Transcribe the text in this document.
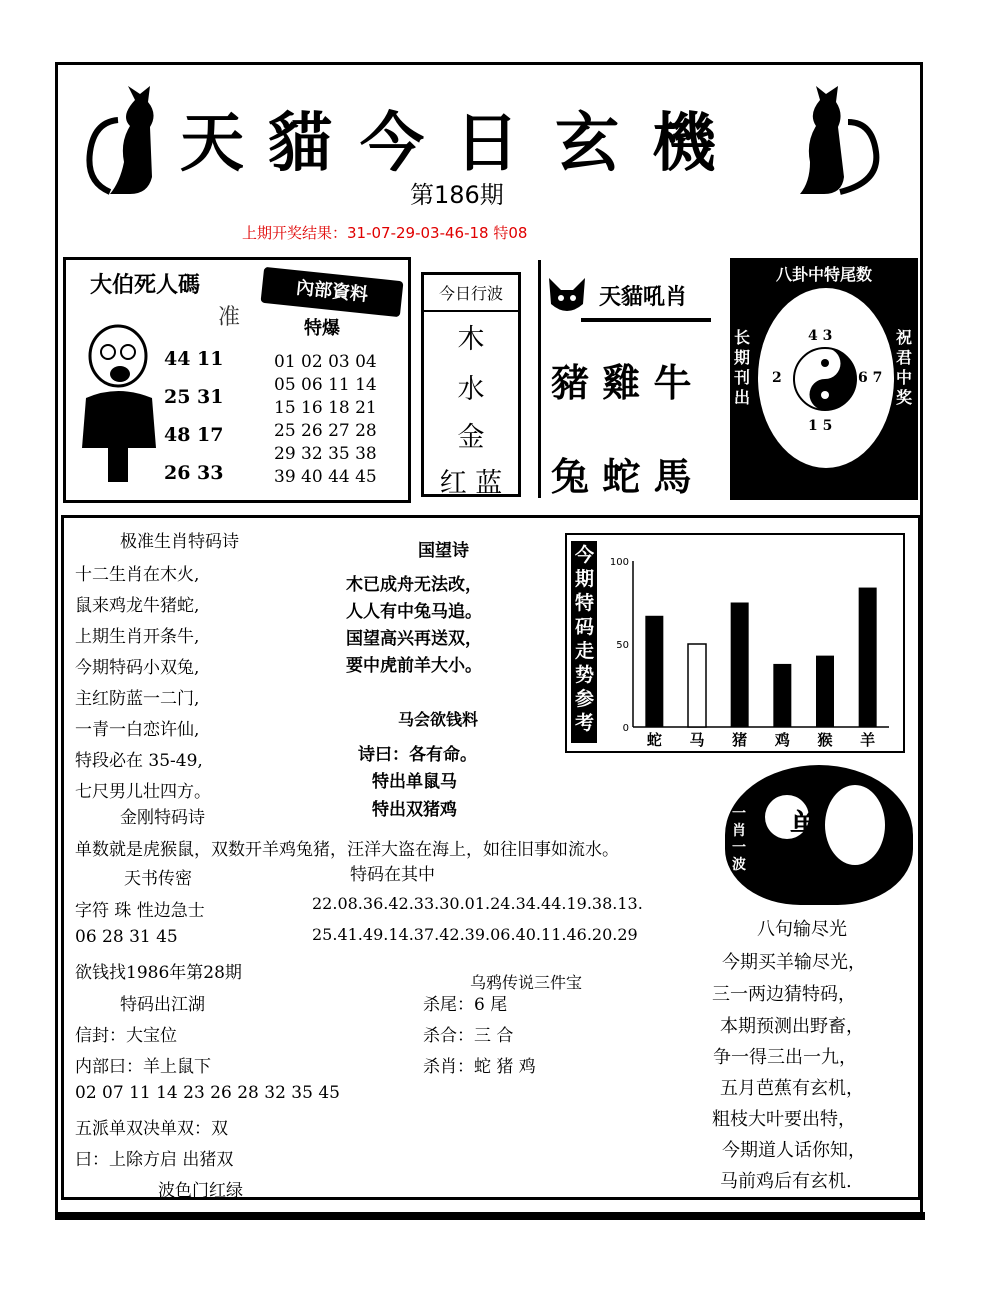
天 貓 今 日 玄 機
第186期
上期开奖结果：31-07-29-03-46-18 特08
大伯死人碼
准
44 11
25 31
48 17
26 33
內部資料
特爆
01 02 03 04
05 06 11 14
15 16 18 21
25 26 27 28
29 32 35 38
39 40 44 45
今日行波
木
水
金
红 蓝
天貓吼肖
豬 雞 牛
兔 蛇 馬
八卦中特尾数
4 3
2	6 7
1 5
长期刊出
祝君中奖
极准生肖特码诗
十二生肖在木火,
鼠来鸡龙牛猪蛇,
上期生肖开条牛,
今期特码小双兔,
主红防蓝一二门,
一青一白恋许仙,
特段必在 35-49,
七尺男儿壮四方。
国望诗
木已成舟无法改，
人人有中兔马追。
国望高兴再送双，
要中虎前羊大小。
马会欲钱料
诗曰：各有命。
特出单鼠马
特出双猪鸡
今期特码走势参考
100
50
0
蛇 马 猪 鸡 猴 羊
金刚特码诗
单数就是虎猴鼠，双数开羊鸡兔猪，汪洋大盗在海上，如往旧事如流水。
单
一肖一波
天书传密
字符 珠 性边急士
06 28 31 45
欲钱找1986年第28期
特码在其中
22.08.36.42.33.30.01.24.34.44.19.38.13.
25.41.49.14.37.42.39.06.40.11.46.20.29	八句输尽光
今期买羊输尽光，
三一两边猜特码，
本期预测出野畜，
争一得三出一九，
五月芭蕉有玄机，
粗枝大叶要出特，
今期道人话你知，
马前鸡后有玄机.
乌鸦传说三件宝
杀尾：6 尾
杀合：三 合
杀肖：蛇 猪 鸡
特码出江湖
信封：大宝位
内部曰：羊上鼠下
02 07 11 14 23 26 28 32 35 45
五派单双决单双：双
曰：上除方启 出猪双
波色门红绿
